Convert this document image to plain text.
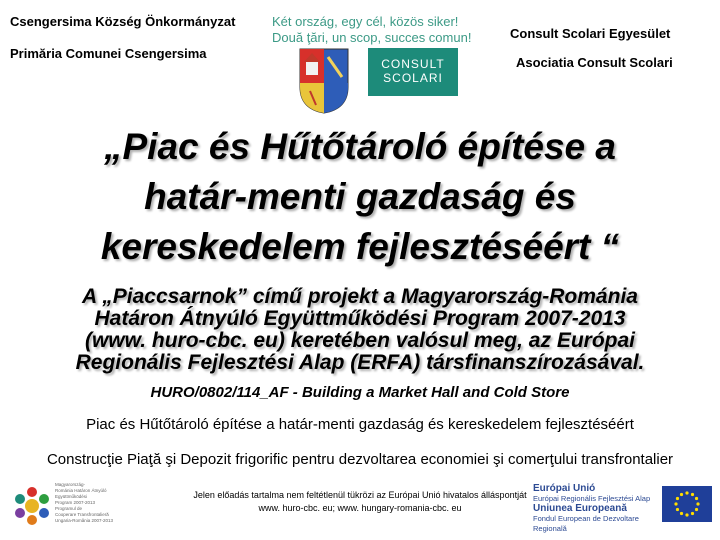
Csengersima Község Önkormányzat
Primăria Comunei Csengersima
Két ország, egy cél, közös siker!
Două ţări, un scop, succes comun!	Consult Scolari Egyesület
Asociatia Consult Scolari
CONSULT
SCOLARI
„Piac és Hűtőtároló építése a
határ-menti gazdaság és
kereskedelem fejlesztéséért “
A „Piaccsarnok” című projekt a Magyarország-Románia
Határon Átnyúló Együttműködési Program 2007-2013
(www. huro-cbc. eu) keretében valósul meg, az Európai
Regionális Fejlesztési Alap (ERFA) társfinanszírozásával.
HURO/0802/114_AF - Building a Market Hall and Cold Store
Piac és Hűtőtároló építése a határ-menti gazdaság és kereskedelem fejlesztéséért
Construcţie Piaţă şi Depozit frigorific pentru dezvoltarea economiei şi comerţului transfrontalier
Magyarország-
Románia Határon Átnyúló
Együttműködési
Program 2007-2013
Programul de
Cooperare Transfrontalieră
Ungaria-România 2007-2013
Jelen előadás tartalma nem feltétlenül tükrözi az Európai Unió hivatalos álláspontját
www. huro-cbc. eu; www. hungary-romania-cbc. eu
Európai Unió
Európai Regionális Fejlesztési Alap
Uniunea Europeană
Fondul European de Dezvoltare Regională
